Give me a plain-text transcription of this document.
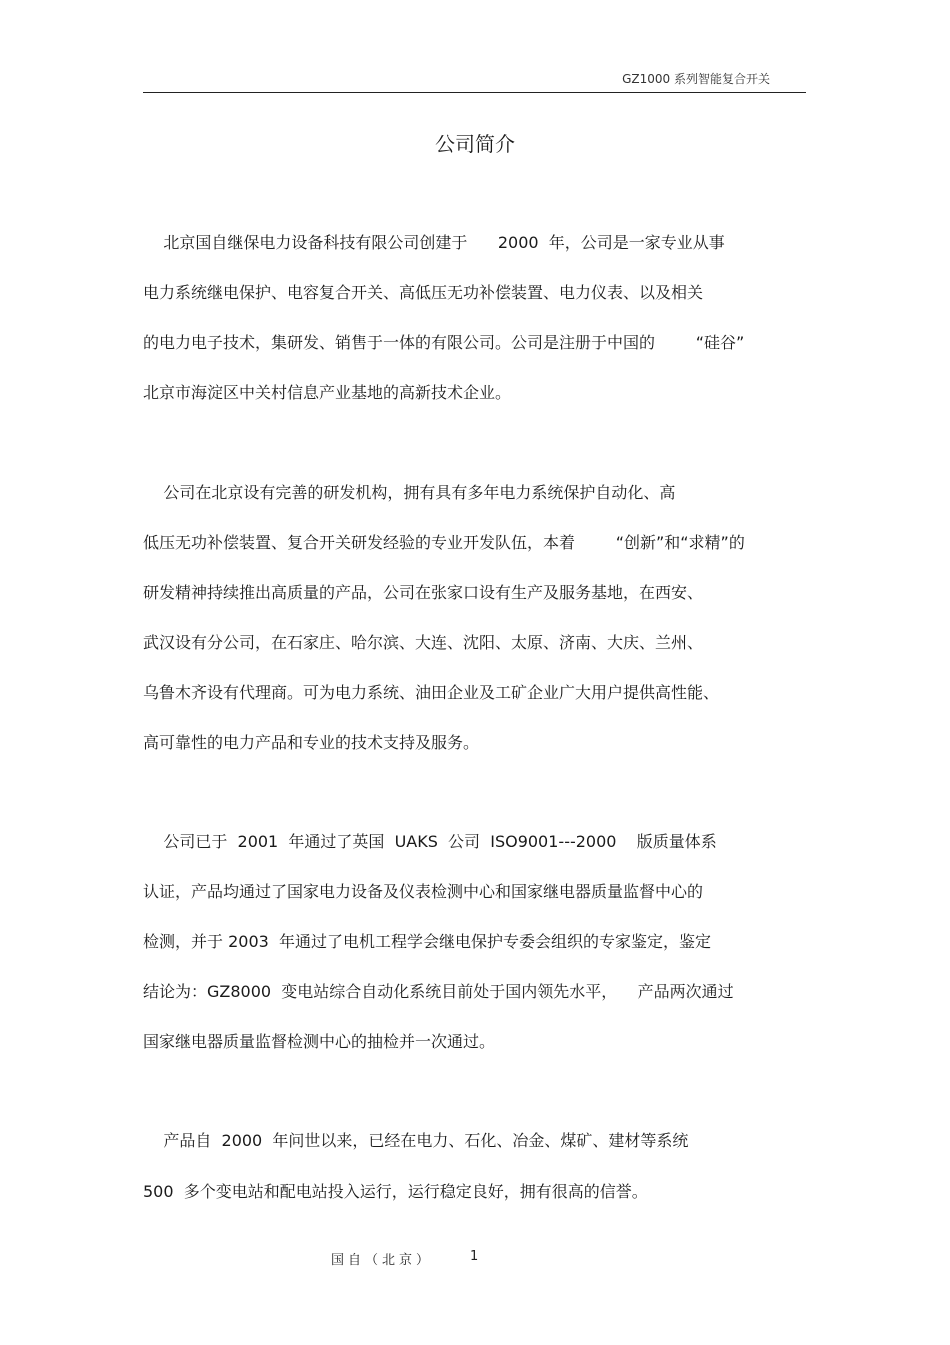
GZ1000 系列智能复合开关
公司简介
北京国自继保电力设备科技有限公司创建于      2000  年，公司是一家专业从事
电力系统继电保护、电容复合开关、高低压无功补偿装置、电力仪表、以及相关
的电力电子技术，集研发、销售于一体的有限公司。公司是注册于中国的        “硅谷”
北京市海淀区中关村信息产业基地的高新技术企业。
公司在北京设有完善的研发机构，拥有具有多年电力系统保护自动化、高
低压无功补偿装置、复合开关研发经验的专业开发队伍，本着        “创新”和“求精”的
研发精神持续推出高质量的产品，公司在张家口设有生产及服务基地，在西安、
武汉设有分公司，在石家庄、哈尔滨、大连、沈阳、太原、济南、大庆、兰州、
乌鲁木齐设有代理商。可为电力系统、油田企业及工矿企业广大用户提供高性能、
高可靠性的电力产品和专业的技术支持及服务。
公司已于  2001  年通过了英国  UAKS  公司  ISO9001---2000    版质量体系
认证，产品均通过了国家电力设备及仪表检测中心和国家继电器质量监督中心的
检测，并于 2003  年通过了电机工程学会继电保护专委会组织的专家鉴定，鉴定
结论为：GZ8000  变电站综合自动化系统目前处于国内领先水平，    产品两次通过
国家继电器质量监督检测中心的抽检并一次通过。
产品自  2000  年问世以来，已经在电力、石化、冶金、煤矿、建材等系统
500  多个变电站和配电站投入运行，运行稳定良好，拥有很高的信誉。
国自（北京）	1
